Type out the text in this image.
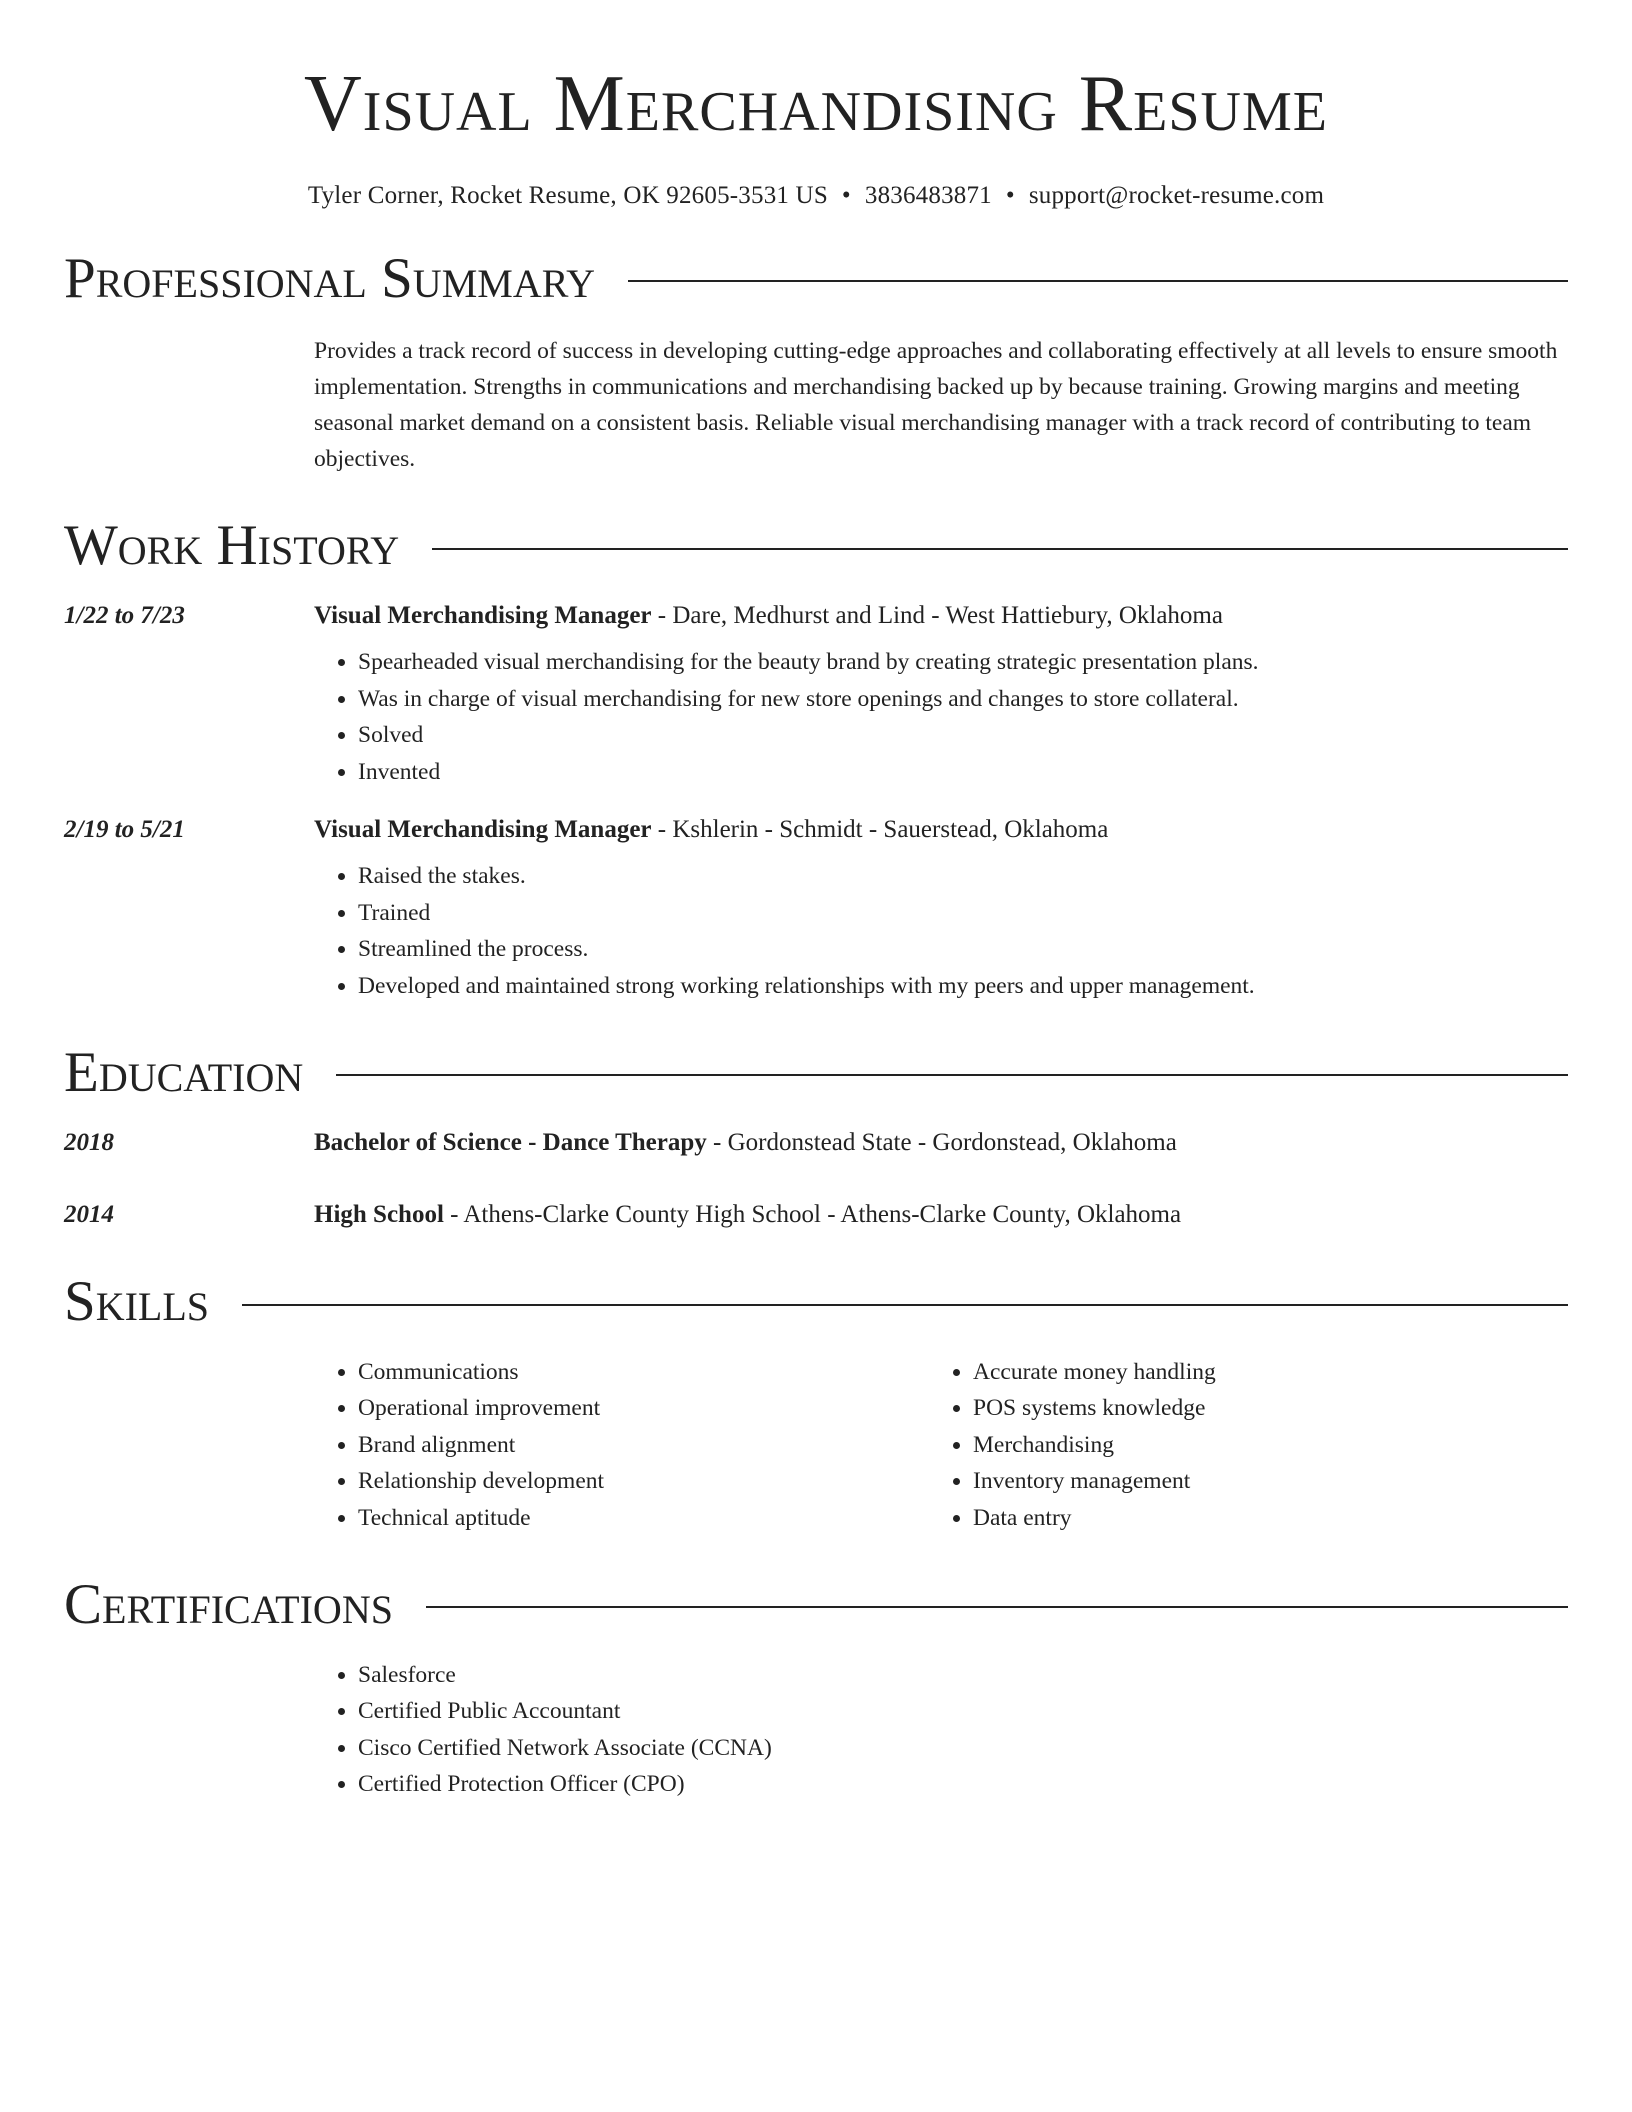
Visual Merchandising Resume
Tyler Corner, Rocket Resume, OK 92605-3531 US • 3836483871 • support@rocket-resume.com
Professional Summary
Provides a track record of success in developing cutting-edge approaches and collaborating effectively at all levels to ensure smooth implementation. Strengths in communications and merchandising backed up by because training. Growing margins and meeting seasonal market demand on a consistent basis. Reliable visual merchandising manager with a track record of contributing to team objectives.
Work History
1/22 to 7/23	Visual Merchandising Manager - Dare, Medhurst and Lind - West Hattiebury, Oklahoma
• Spearheaded visual merchandising for the beauty brand by creating strategic presentation plans.
• Was in charge of visual merchandising for new store openings and changes to store collateral.
• Solved
• Invented
2/19 to 5/21	Visual Merchandising Manager - Kshlerin - Schmidt - Sauerstead, Oklahoma
• Raised the stakes.
• Trained
• Streamlined the process.
• Developed and maintained strong working relationships with my peers and upper management.
Education
2018	Bachelor of Science - Dance Therapy - Gordonstead State - Gordonstead, Oklahoma
2014	High School - Athens-Clarke County High School - Athens-Clarke County, Oklahoma
Skills
• Communications
• Operational improvement
• Brand alignment
• Relationship development
• Technical aptitude
• Accurate money handling
• POS systems knowledge
• Merchandising
• Inventory management
• Data entry
Certifications
• Salesforce
• Certified Public Accountant
• Cisco Certified Network Associate (CCNA)
• Certified Protection Officer (CPO)
